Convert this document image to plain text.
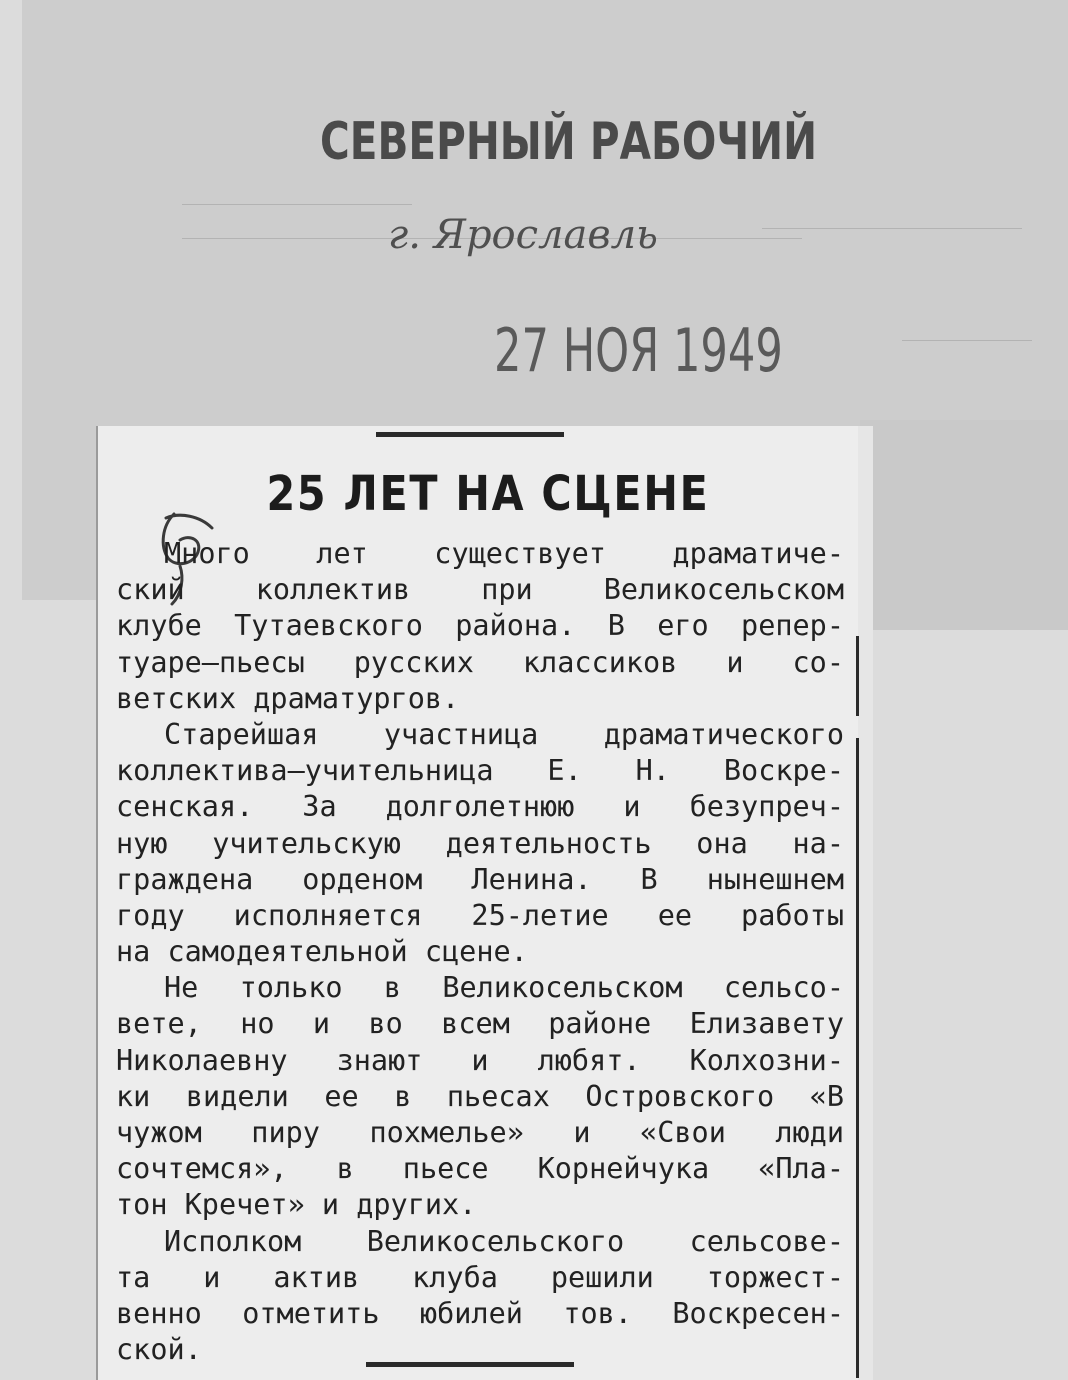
СЕВЕРНЫЙ РАБОЧИЙ
г. Ярославль
27 НОЯ 1949
25 ЛЕТ НА СЦЕНЕ
Много лет существует драматиче-
ский коллектив при Великосельском
клубе Тутаевского района. В его репер-
туаре—пьесы русских классиков и со-
ветских драматургов.
Старейшая участница драматического
коллектива—учительница Е. Н. Воскре-
сенская. За долголетнюю и безупреч-
ную учительскую деятельность она на-
граждена орденом Ленина. В нынешнем
году исполняется 25-летие ее работы
на самодеятельной сцене.
Не только в Великосельском сельсо-
вете, но и во всем районе Елизавету
Николаевну знают и любят. Колхозни-
ки видели ее в пьесах Островского «В
чужом пиру похмелье» и «Свои люди
сочтемся», в пьесе Корнейчука «Пла-
тон Кречет» и других.
Исполком Великосельского сельсове-
та и актив клуба решили торжест-
венно отметить юбилей тов. Воскресен-
ской.
